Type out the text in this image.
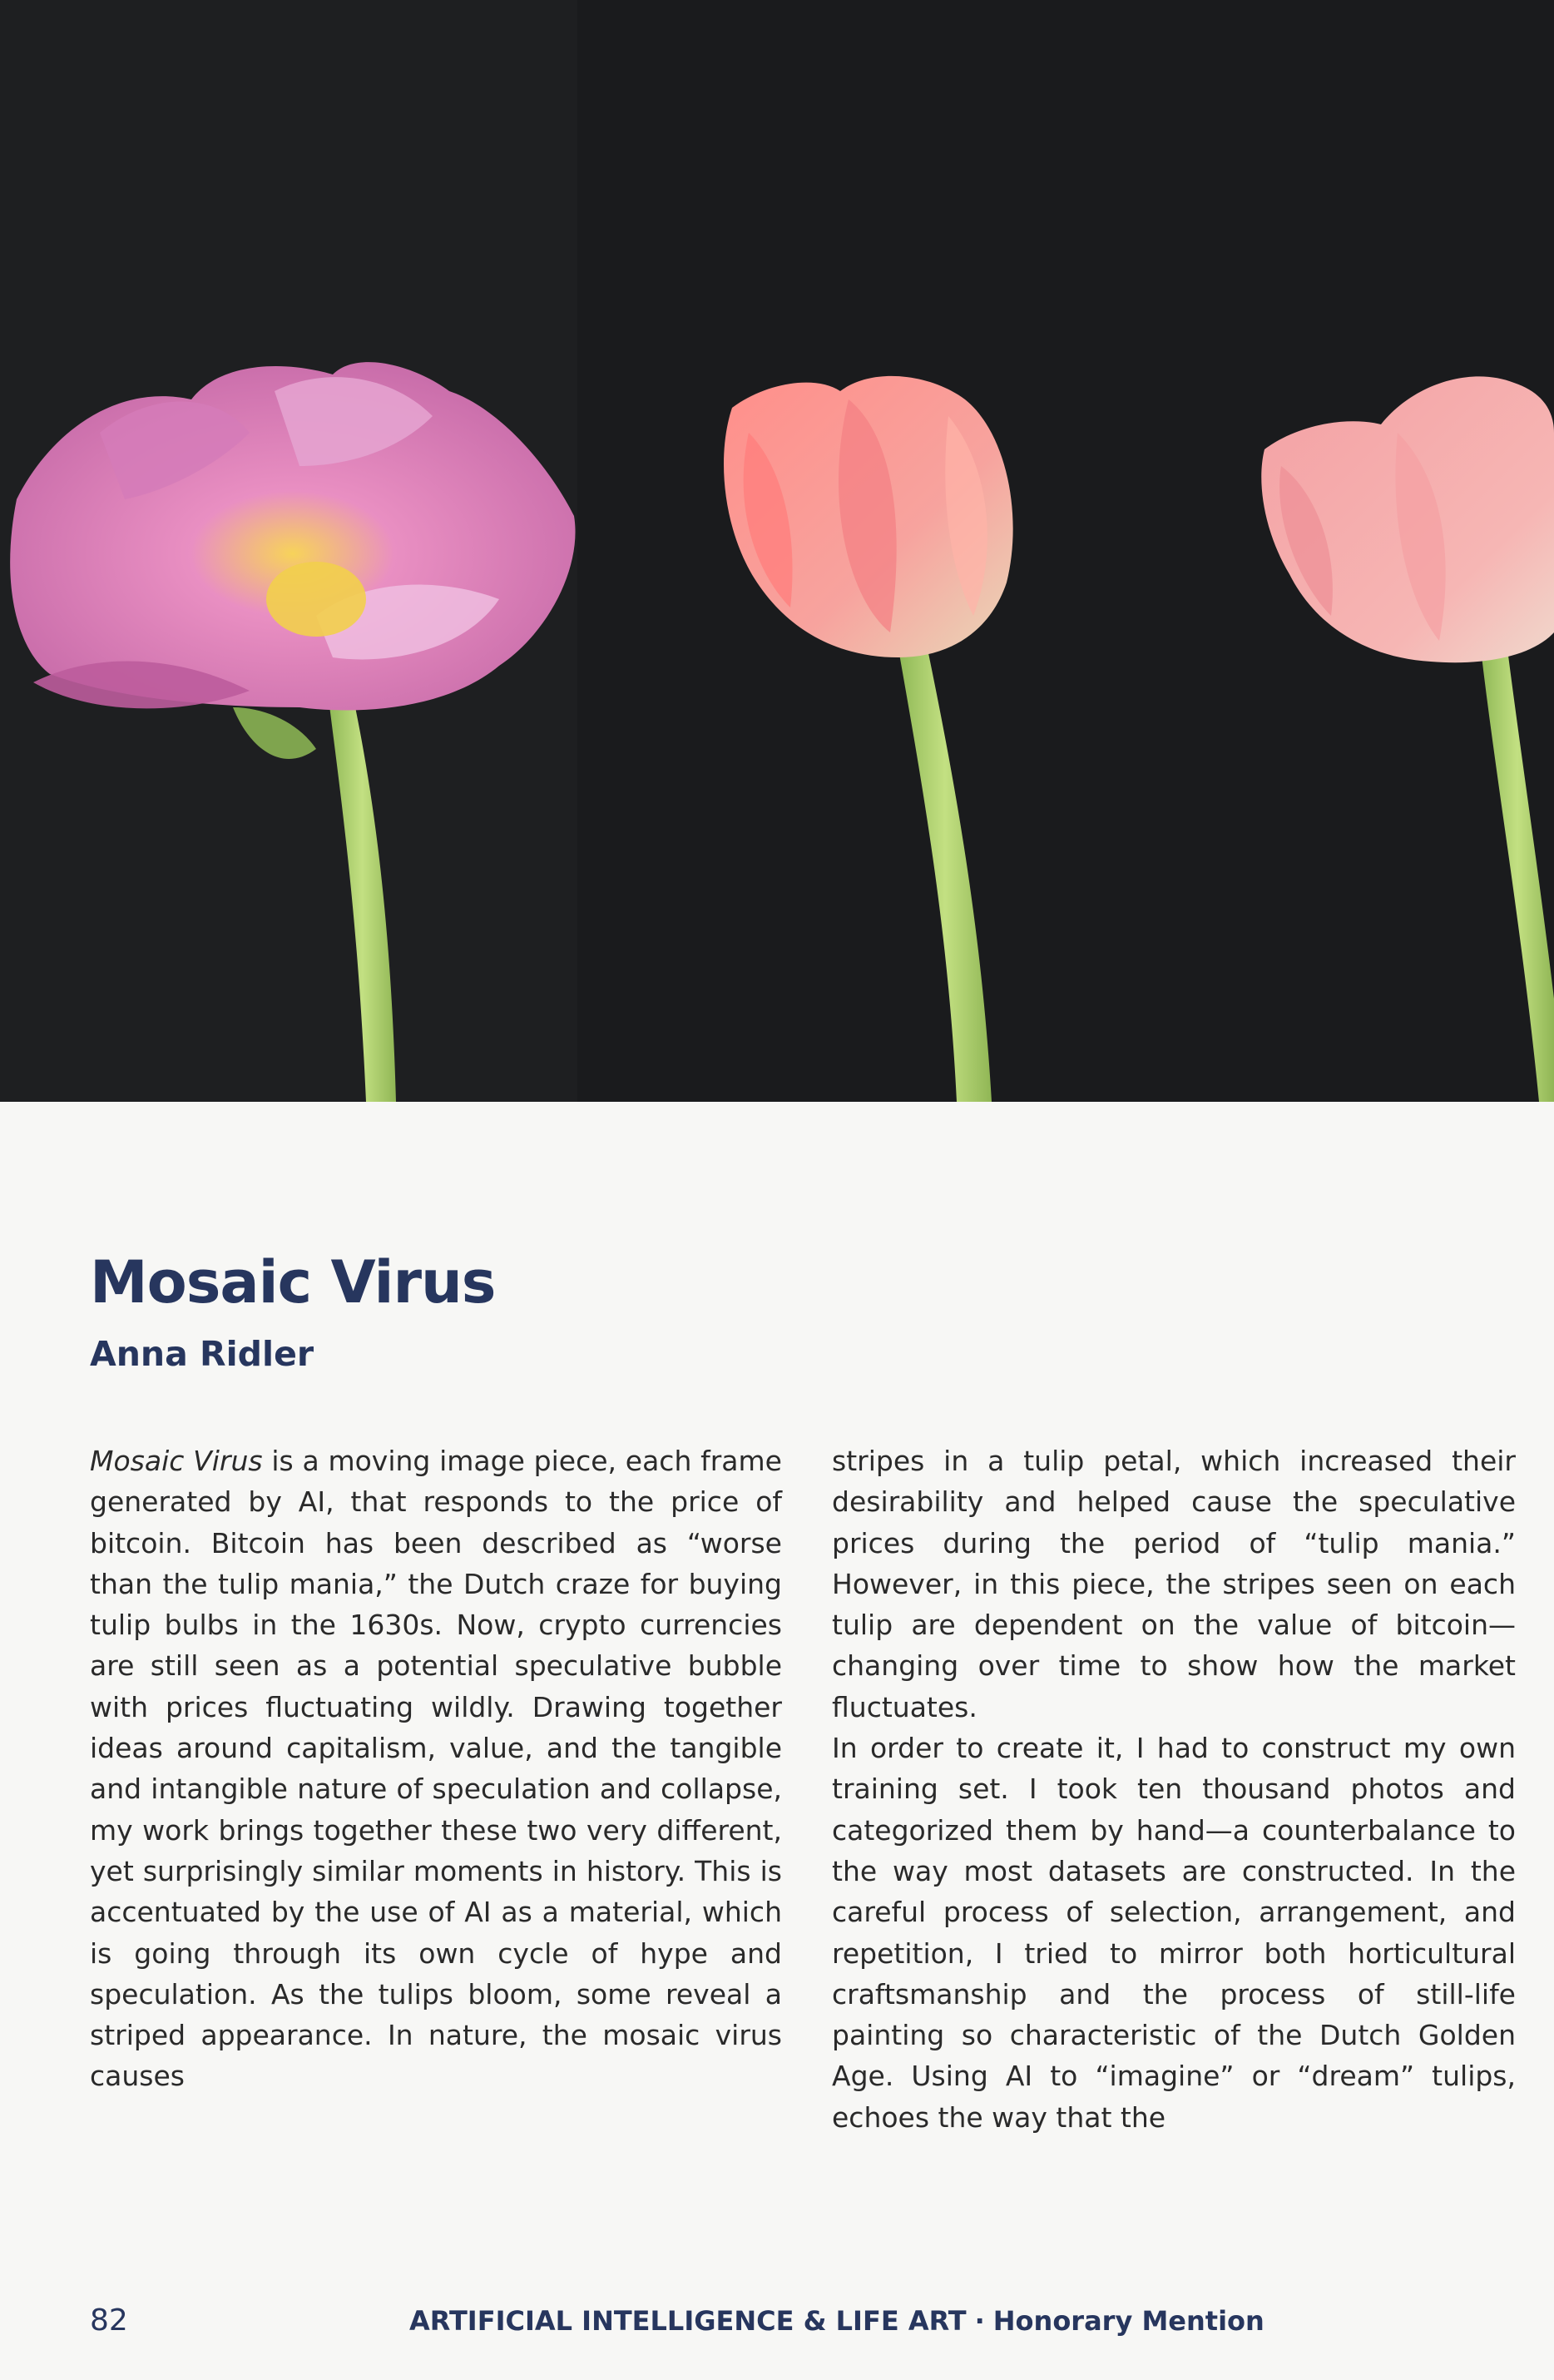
Mosaic Virus
Anna Ridler

Mosaic Virus is a moving image piece, each frame generated by AI, that responds to the price of bitcoin. Bitcoin has been described as “worse than the tulip mania,” the Dutch craze for buying tulip bulbs in the 1630s. Now, crypto currencies are still seen as a potential speculative bubble with prices fluctuating wildly. Drawing together ideas around capitalism, value, and the tangible and intangible nature of speculation and collapse, my work brings together these two very different, yet surprisingly similar moments in history. This is accentuated by the use of AI as a material, which is going through its own cycle of hype and speculation. As the tulips bloom, some reveal a striped appearance. In nature, the mosaic virus causes

stripes in a tulip petal, which increased their desirability and helped cause the speculative prices during the period of “tulip mania.” However, in this piece, the stripes seen on each tulip are dependent on the value of bitcoin—changing over time to show how the market fluctuates.

In order to create it, I had to construct my own training set. I took ten thousand photos and categorized them by hand—a counterbalance to the way most datasets are constructed. In the careful process of selection, arrangement, and repetition, I tried to mirror both horticultural craftsmanship and the process of still-life painting so characteristic of the Dutch Golden Age. Using AI to “imagine” or “dream” tulips, echoes the way that the

82	ARTIFICIAL INTELLIGENCE & LIFE ART · Honorary Mention
